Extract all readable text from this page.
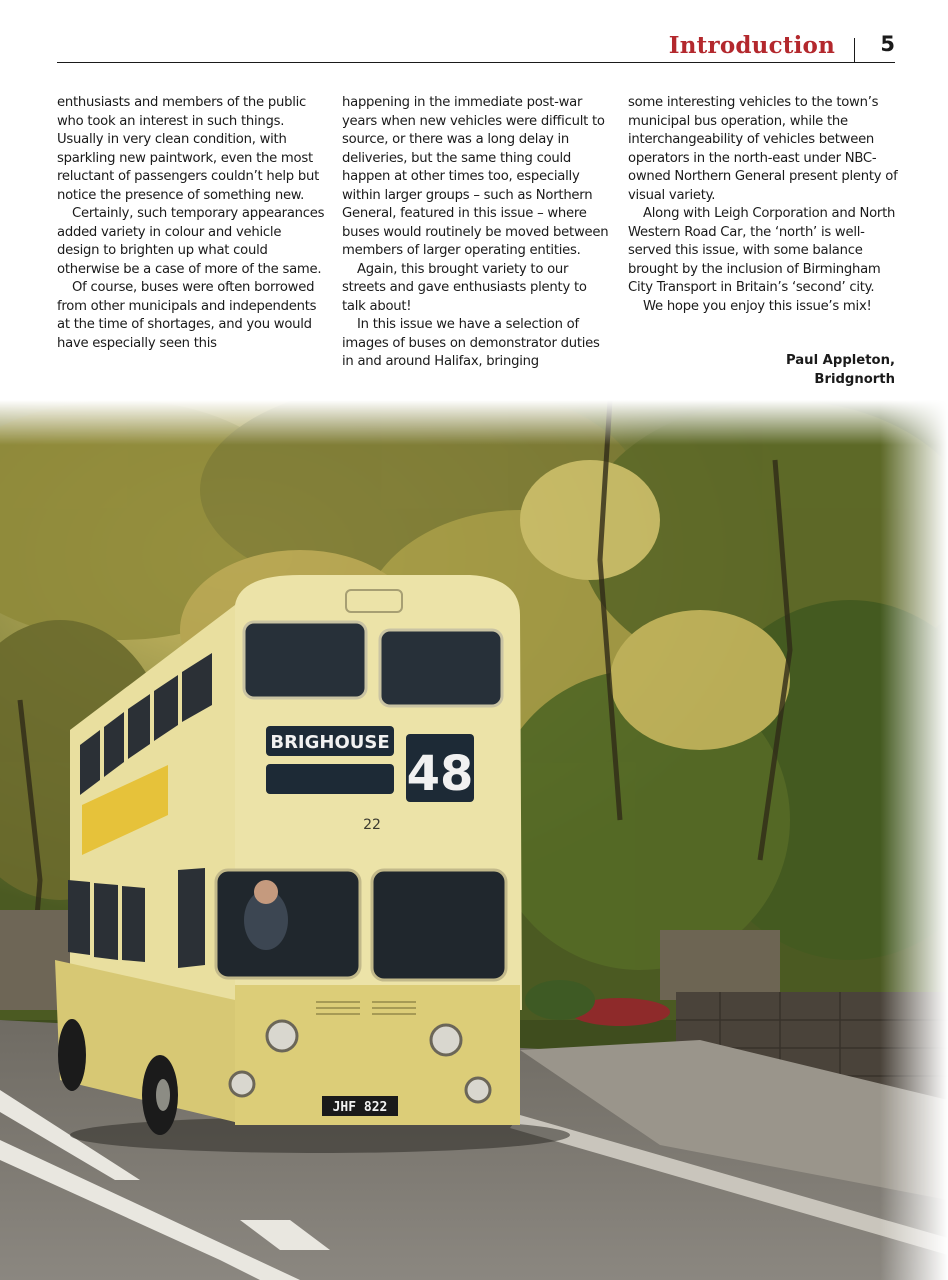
Introduction 5

enthusiasts and members of the public who took an interest in such things. Usually in very clean condition, with sparkling new paintwork, even the most reluctant of passengers couldn’t help but notice the presence of something new.

Certainly, such temporary appearances added variety in colour and vehicle design to brighten up what could otherwise be a case of more of the same.

Of course, buses were often borrowed from other municipals and independents at the time of shortages, and you would have especially seen this

happening in the immediate post-war years when new vehicles were difficult to source, or there was a long delay in deliveries, but the same thing could happen at other times too, especially within larger groups – such as Northern General, featured in this issue – where buses would routinely be moved between members of larger operating entities.

Again, this brought variety to our streets and gave enthusiasts plenty to talk about!

In this issue we have a selection of images of buses on demonstrator duties in and around Halifax, bringing

some interesting vehicles to the town’s municipal bus operation, while the interchangeability of vehicles between operators in the north-east under NBC-owned Northern General present plenty of visual variety.

Along with Leigh Corporation and North Western Road Car, the ‘north’ is well-served this issue, with some balance brought by the inclusion of Birmingham City Transport in Britain’s ‘second’ city.

We hope you enjoy this issue’s mix!

Paul Appleton,
Bridgnorth
BRIGHOUSE
48
22
JHF 822
